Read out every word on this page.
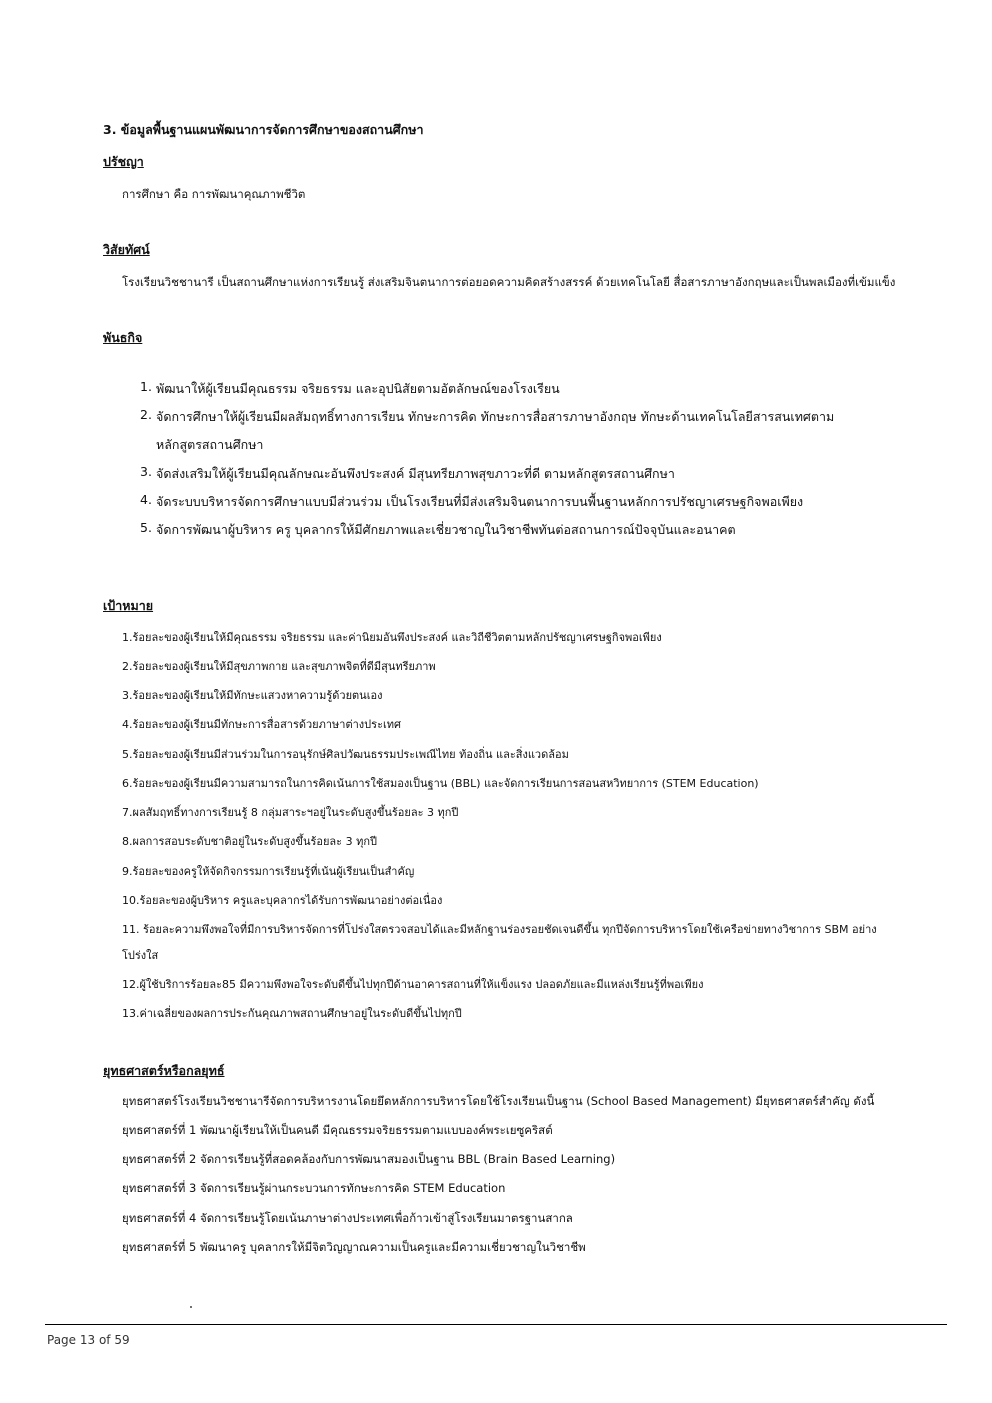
3. ข้อมูลพื้นฐานแผนพัฒนาการจัดการศึกษาของสถานศึกษา
ปรัชญา
การศึกษา คือ การพัฒนาคุณภาพชีวิต
วิสัยทัศน์
โรงเรียนวิชชานารี เป็นสถานศึกษาแห่งการเรียนรู้ ส่งเสริมจินตนาการต่อยอดความคิดสร้างสรรค์ ด้วยเทคโนโลยี สื่อสารภาษาอังกฤษและเป็นพลเมืองที่เข้มแข็ง
พันธกิจ
1. พัฒนาให้ผู้เรียนมีคุณธรรม จริยธรรม และอุปนิสัยตามอัตลักษณ์ของโรงเรียน
2. จัดการศึกษาให้ผู้เรียนมีผลสัมฤทธิ์ทางการเรียน ทักษะการคิด ทักษะการสื่อสารภาษาอังกฤษ ทักษะด้านเทคโนโลยีสารสนเทศตาม
หลักสูตรสถานศึกษา
3. จัดส่งเสริมให้ผู้เรียนมีคุณลักษณะอันพึงประสงค์ มีสุนทรียภาพสุขภาวะที่ดี ตามหลักสูตรสถานศึกษา
4. จัดระบบบริหารจัดการศึกษาแบบมีส่วนร่วม เป็นโรงเรียนที่มีส่งเสริมจินตนาการบนพื้นฐานหลักการปรัชญาเศรษฐกิจพอเพียง
5. จัดการพัฒนาผู้บริหาร ครู บุคลากรให้มีศักยภาพและเชี่ยวชาญในวิชาชีพทันต่อสถานการณ์ปัจจุบันและอนาคต
เป้าหมาย
1.ร้อยละของผู้เรียนให้มีคุณธรรม จริยธรรม และค่านิยมอันพึงประสงค์ และวิถีชีวิตตามหลักปรัชญาเศรษฐกิจพอเพียง
2.ร้อยละของผู้เรียนให้มีสุขภาพกาย และสุขภาพจิตที่ดีมีสุนทรียภาพ
3.ร้อยละของผู้เรียนให้มีทักษะแสวงหาความรู้ด้วยตนเอง
4.ร้อยละของผู้เรียนมีทักษะการสื่อสารด้วยภาษาต่างประเทศ
5.ร้อยละของผู้เรียนมีส่วนร่วมในการอนุรักษ์ศิลปวัฒนธรรมประเพณีไทย ท้องถิ่น และสิ่งแวดล้อม
6.ร้อยละของผู้เรียนมีความสามารถในการคิดเน้นการใช้สมองเป็นฐาน (BBL) และจัดการเรียนการสอนสหวิทยาการ (STEM Education)
7.ผลสัมฤทธิ์ทางการเรียนรู้ 8 กลุ่มสาระฯอยู่ในระดับสูงขึ้นร้อยละ 3 ทุกปี
8.ผลการสอบระดับชาติอยู่ในระดับสูงขึ้นร้อยละ 3 ทุกปี
9.ร้อยละของครูให้จัดกิจกรรมการเรียนรู้ที่เน้นผู้เรียนเป็นสำคัญ
10.ร้อยละของผู้บริหาร ครูและบุคลากรได้รับการพัฒนาอย่างต่อเนื่อง
11. ร้อยละความพึงพอใจที่มีการบริหารจัดการที่โปร่งใสตรวจสอบได้และมีหลักฐานร่องรอยชัดเจนดีขึ้น ทุกปีจัดการบริหารโดยใช้เครือข่ายทางวิชาการ SBM อย่าง
โปร่งใส
12.ผู้ใช้บริการร้อยละ85 มีความพึงพอใจระดับดีขึ้นไปทุกปีด้านอาคารสถานที่ให้แข็งแรง ปลอดภัยและมีแหล่งเรียนรู้ที่พอเพียง
13.ค่าเฉลี่ยของผลการประกันคุณภาพสถานศึกษาอยู่ในระดับดีขึ้นไปทุกปี
ยุทธศาสตร์หรือกลยุทธ์
ยุทธศาสตร์โรงเรียนวิชชานารีจัดการบริหารงานโดยยึดหลักการบริหารโดยใช้โรงเรียนเป็นฐาน (School Based Management) มียุทธศาสตร์สำคัญ ดังนี้
ยุทธศาสตร์ที่ 1 พัฒนาผู้เรียนให้เป็นคนดี มีคุณธรรมจริยธรรมตามแบบองค์พระเยซูคริสต์
ยุทธศาสตร์ที่ 2 จัดการเรียนรู้ที่สอดคล้องกับการพัฒนาสมองเป็นฐาน BBL (Brain Based Learning)
ยุทธศาสตร์ที่ 3 จัดการเรียนรู้ผ่านกระบวนการทักษะการคิด STEM Education
ยุทธศาสตร์ที่ 4 จัดการเรียนรู้โดยเน้นภาษาต่างประเทศเพื่อก้าวเข้าสู่โรงเรียนมาตรฐานสากล
ยุทธศาสตร์ที่ 5 พัฒนาครู บุคลากรให้มีจิตวิญญาณความเป็นครูและมีความเชี่ยวชาญในวิชาชีพ
Page 13 of 59
